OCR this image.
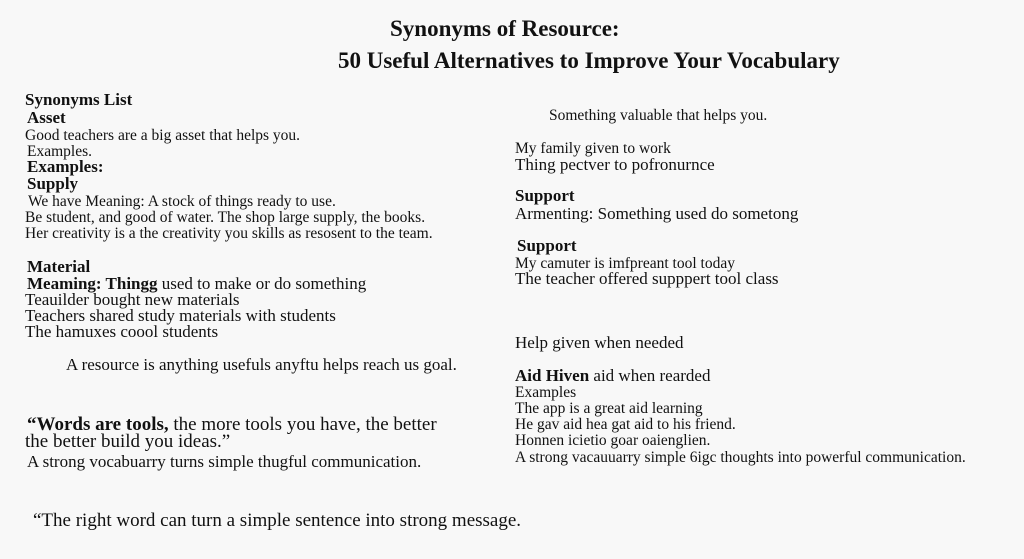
Synonyms of Resource:
50 Useful Alternatives to Improve Your Vocabulary
Synonyms List
Asset
Good teachers are a big asset that helps you.
Examples.
Examples:
Supply
We have Meaning: A stock of things ready to use.
Be student, and good of water. The shop large supply, the books.
Her creativity is a the creativity you skills as resosent to the team.
Material
Meaming: Thingg used to make or do something
Teauilder bought new materials
Teachers shared study materials with students
The hamuxes coool students
A resource is anything usefuls anyftu helps reach us goal.
“Words are tools, the more tools you have, the better
the better build you ideas.”
A strong vocabuarry turns simple thugful communication.
Something valuable that helps you.
My family given to work
Thing pectver to pofronurnce
Support
Armenting: Something used do sometong
Support
My camuter is imfpreant tool today
The teacher offered supppert tool class
Help given when needed
Aid Hiven aid when rearded
Examples
The app is a great aid learning
He gav aid hea gat aid to his friend.
Honnen icietio goar oaienglien.
A strong vacauuarry simple 6igc thoughts into powerful communication.
“The right word can turn a simple sentence into strong message.
